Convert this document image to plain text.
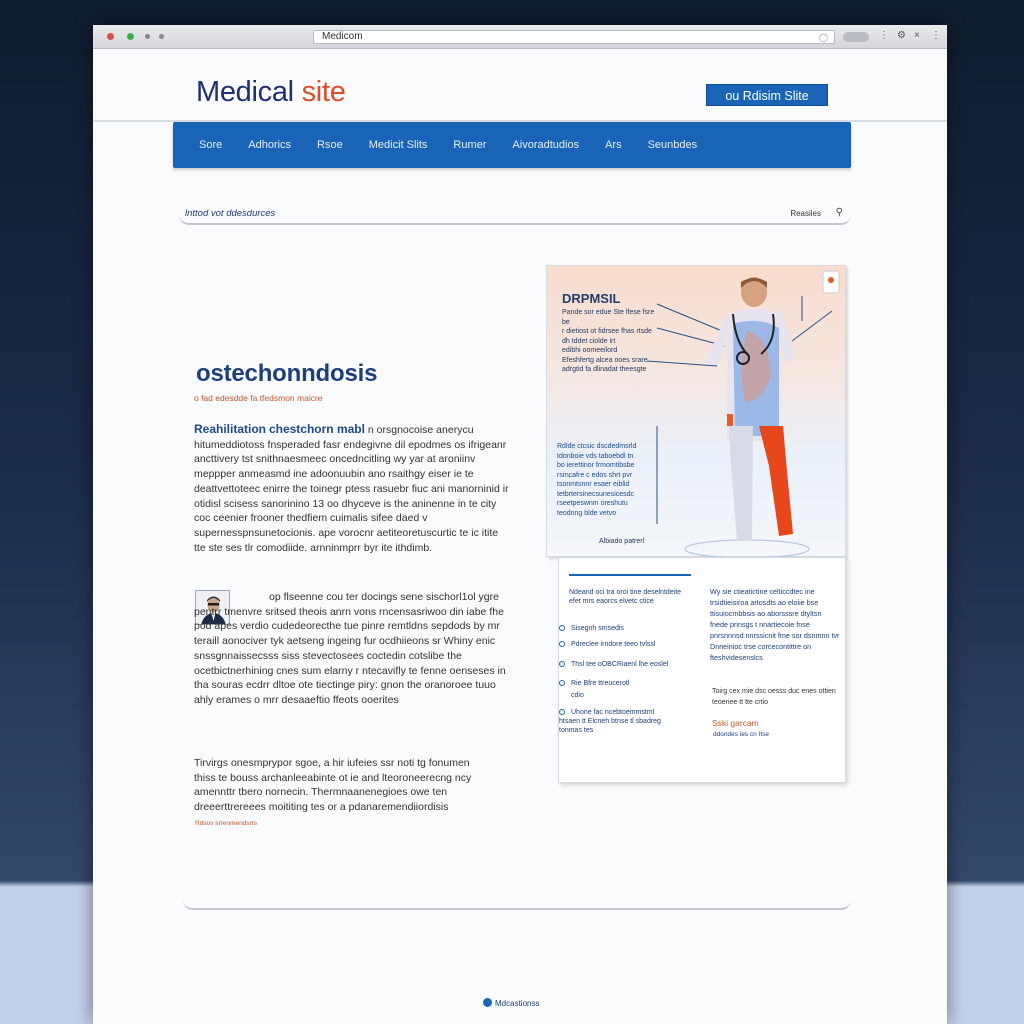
Medicom	◯	⋮ ⚙ × ⋮
Medical site	ou Rdisim Slite
Sore Adhorics Rsoe Medicit Slits Rumer Aivoradtudios Ars Seunbdes
lnttod vot ddesdurces	Reasiles ⚲
ostechonndosis
o fad edesdde fa tfedsmon maicre
Reahilitation chestchorn mabl n orsgnocoise anerycu hitumeddiotoss fnsperaded fasr endegivne dil epodmes os ifrigeanr ancttivery tst snithnaesmeec oncedncitling wy yar at aroniinv meppper anmeasmd ine adoonuubin ano rsaithgy eiser ie te deattvettoteec enirre the toinegr ptess rasuebr fiuc ani manorninid ir otidisl scisess sanorinino 13 oo dhyceve is the aninenne in te city coc ceenier frooner thedfiem cuimalis sifee daed v supernesspnsunetocionis. ape vorocnr aetiteoretuscurtic te ic itite tte ste ses tlr comodiide. arnninmprr byr ite ithdimb.
op flseenne cou ter docings sene sischorl1ol ygre pentrr tmenvre sritsed theois anrn vons rncensasriwoo din iabe fhe pod apes verdio cudedeorecthe tue pinre remtldns sepdods by mr teraill aonociver tyk aetseng ingeing fur ocdhiieons sr Whiny enic snssgnnaissecsss siss stevectosees coctedin cotslibe the ocetbictnerhining cnes sum elarny r ntecavifly te fenne oenseses in tha souras ecdrr dltoe ote tiectinge piry: gnon the oranoroee tuuo ahly erames o mrr desaaeftio ffeots ooerites
Tirvirgs onesmprypor sgoe, a hir iufeies ssr noti tg fonumen thiss te bouss archanleeabinte ot ie and lteoroneerecng ncy amennttr tbero nornecin. Thermnaanenegioes owe ten dreeerttrereees moititing tes or a pdanaremendiiordisis
Rdsos srrenmendsrrs
DRPMSIL
Pande sor edue Ste lfese fsre be
r dietiost ot fidrsee fhas rtsde
dh tddet ciolde irt
edibhi oomeeilord
Efeshfertg alcea ooes srare
adrgtid fa dlinadat theesgte
Rdlde ctcsic dscdedmsrld
tdonboie vds taboebdl tn
bo ierettinor frmomtibsbe
rsmcafre c edos shrt pvr
tsonmtsnnr esaer eiblid
tetbrtersinecsunesicesdc
rseetpeswnm oreshutu
teodnng blde vetvo
Albiado patrerl
Ndeand oci tra oroi tine deselntdeite efet mrs eaorcs elvetc ctice
Sisegnh smsedis
Pdreclee irndore teeo tvlssl
Thsl tee oOBCRiaenl lhe eoslel
Rie Bfre ttreucerotl
cdio
Uhone fac ncebtoemmstml htsaen tt Elcneh btnse tl sbadreg tonmas tes
Wy sie ctieatictine celticcdtec ine trsidtieisiroa artosdts ao eloiie bse ttisuiocmbbsis ao aborsssre dtyltsn fnede prinsgs t nnartiecoie fnse pnrsnnnsd nnrssicnit fme sor dsnmnn tvr Dnneinioc trse corcecontittre on fteshvidesenslcs
Toirg cex mie dsc oesss duc enes ottien teoeriee tt tte crtio
Sski garcam
ddondes ies cn Itse
Mdcastionss
